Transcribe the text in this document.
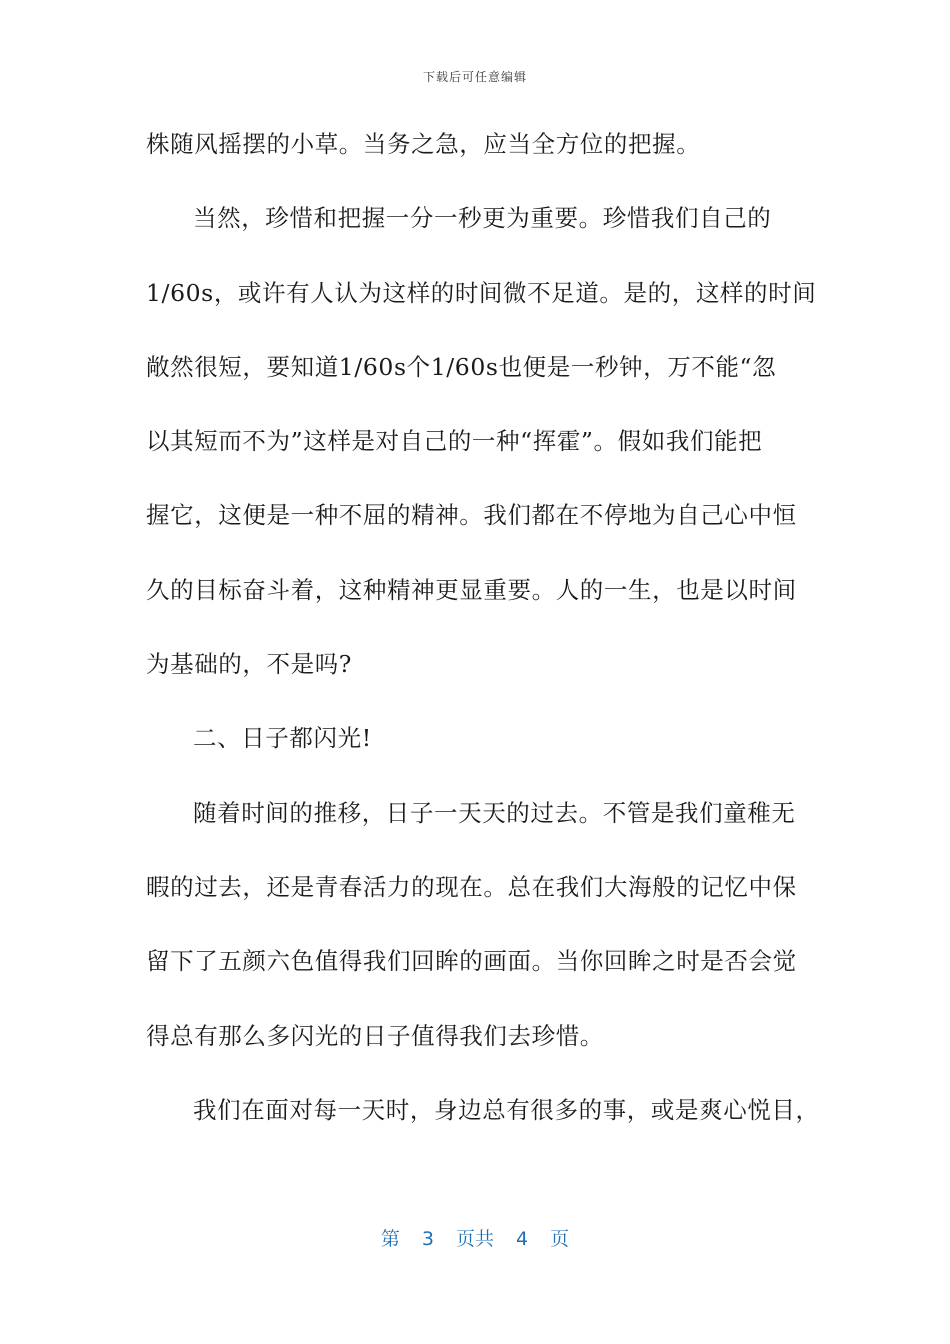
下载后可任意编辑
株随风摇摆的小草。当务之急，应当全方位的把握。
当然，珍惜和把握一分一秒更为重要。珍惜我们自己的
1/60s，或许有人认为这样的时间微不足道。是的，这样的时间
敞然很短，要知道1/60s个1/60s也便是一秒钟，万不能“忽
以其短而不为”这样是对自己的一种“挥霍”。假如我们能把
握它，这便是一种不屈的精神。我们都在不停地为自己心中恒
久的目标奋斗着，这种精神更显重要。人的一生，也是以时间
为基础的，不是吗?
二、日子都闪光!
随着时间的推移，日子一天天的过去。不管是我们童稚无
暇的过去，还是青春活力的现在。总在我们大海般的记忆中保
留下了五颜六色值得我们回眸的画面。当你回眸之时是否会觉
得总有那么多闪光的日子值得我们去珍惜。
我们在面对每一天时，身边总有很多的事，或是爽心悦目，
第 3 页共 4 页
